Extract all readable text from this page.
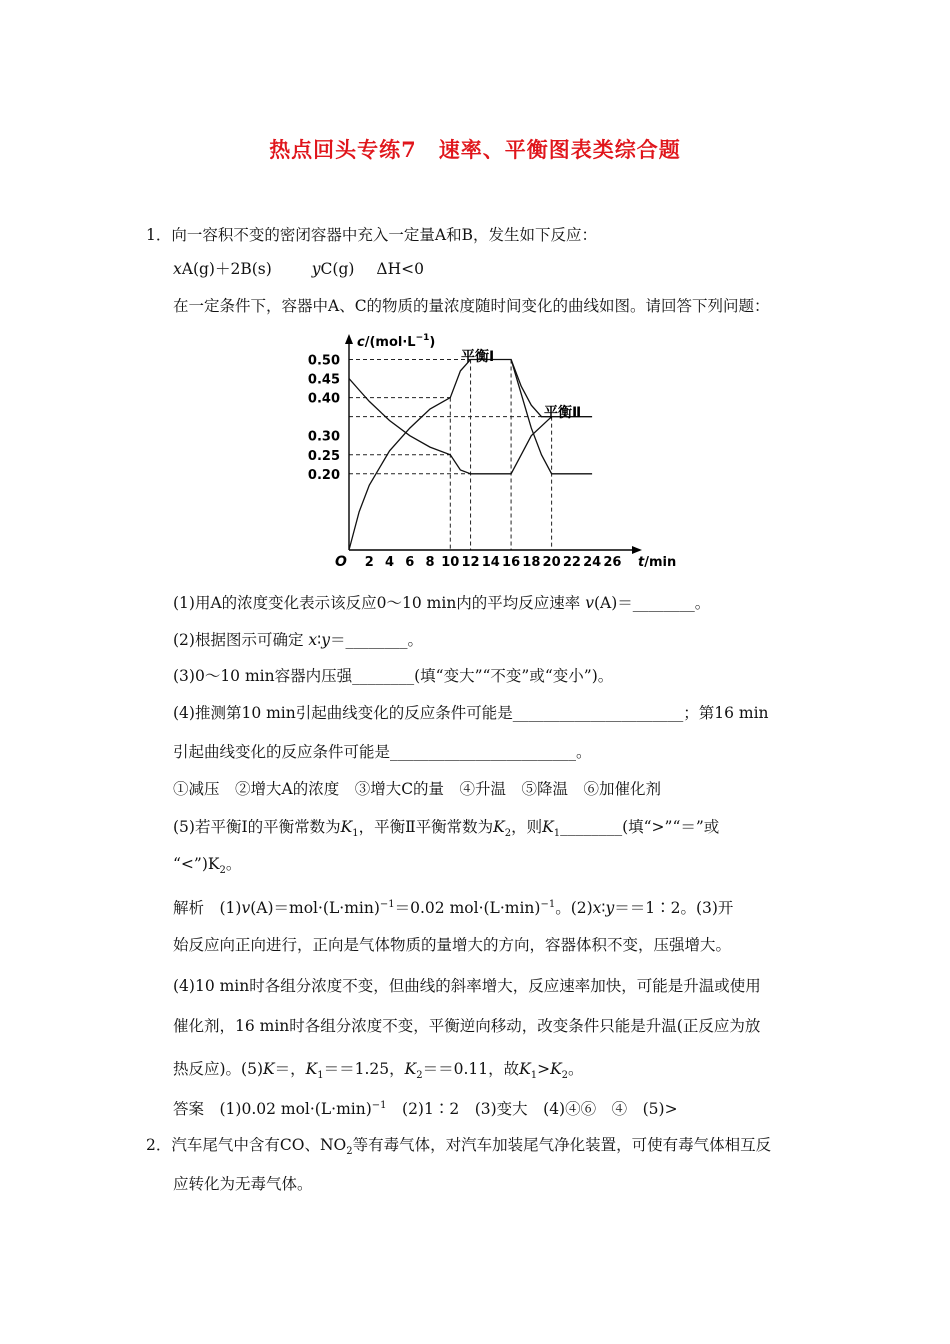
热点回头专练7　速率、平衡图表类综合题
1．向一容积不变的密闭容器中充入一定量A和B，发生如下反应：
xA(g)＋2B(s)	yC(g) ΔH<0
在一定条件下，容器中A、C的物质的量浓度随时间变化的曲线如图。请回答下列问题：
0.20
0.25
0.30
0.40
0.45
0.50
2 4 6 8 10 12 14 16 18 20 22 24 26
O
$c/(mol\cdot L^{-1})$
t/min
平衡Ⅰ
平衡Ⅱ
(1)用A的浓度变化表示该反应0～10 min内的平均反应速率 v(A)＝________。
(2)根据图示可确定 x∶y＝________。
(3)0～10 min容器内压强________(填“变大”“不变”或“变小”)。
(4)推测第10 min引起曲线变化的反应条件可能是______________________；第16 min
引起曲线变化的反应条件可能是________________________。
①减压　②增大A的浓度　③增大C的量　④升温　⑤降温　⑥加催化剂
(5)若平衡Ⅰ的平衡常数为$K_1$，平衡Ⅱ平衡常数为$K_2$，则$K_1\_\_\_\_\_\_\_\_$(填“>”“＝”或
“$<”)K_2$。
解析　$(1)v(A)=mol\cdot(L\cdot\min)^{-1}=0.02$ $mol\cdot(L\cdot\min)^{-1}$。(2)x∶y＝＝1∶2。(3)开
始反应向正向进行，正向是气体物质的量增大的方向，容器体积不变，压强增大。
(4)10 min时各组分浓度不变，但曲线的斜率增大，反应速率加快，可能是升温或使用
催化剂，16 min时各组分浓度不变，平衡逆向移动，改变条件只能是升温(正反应为放
热反应)。(5)K＝，$K_1==1.25$，$K_2==0.11$，故$K_1>K_2$。
答案　(1)0.02 $mol\cdot(L\cdot\min)^{-1}$　(2)1∶2　(3)变大　(4)④⑥　④　(5)>
2．汽车尾气中含有CO、$NO_2$等有毒气体，对汽车加装尾气净化装置，可使有毒气体相互反
应转化为无毒气体。
